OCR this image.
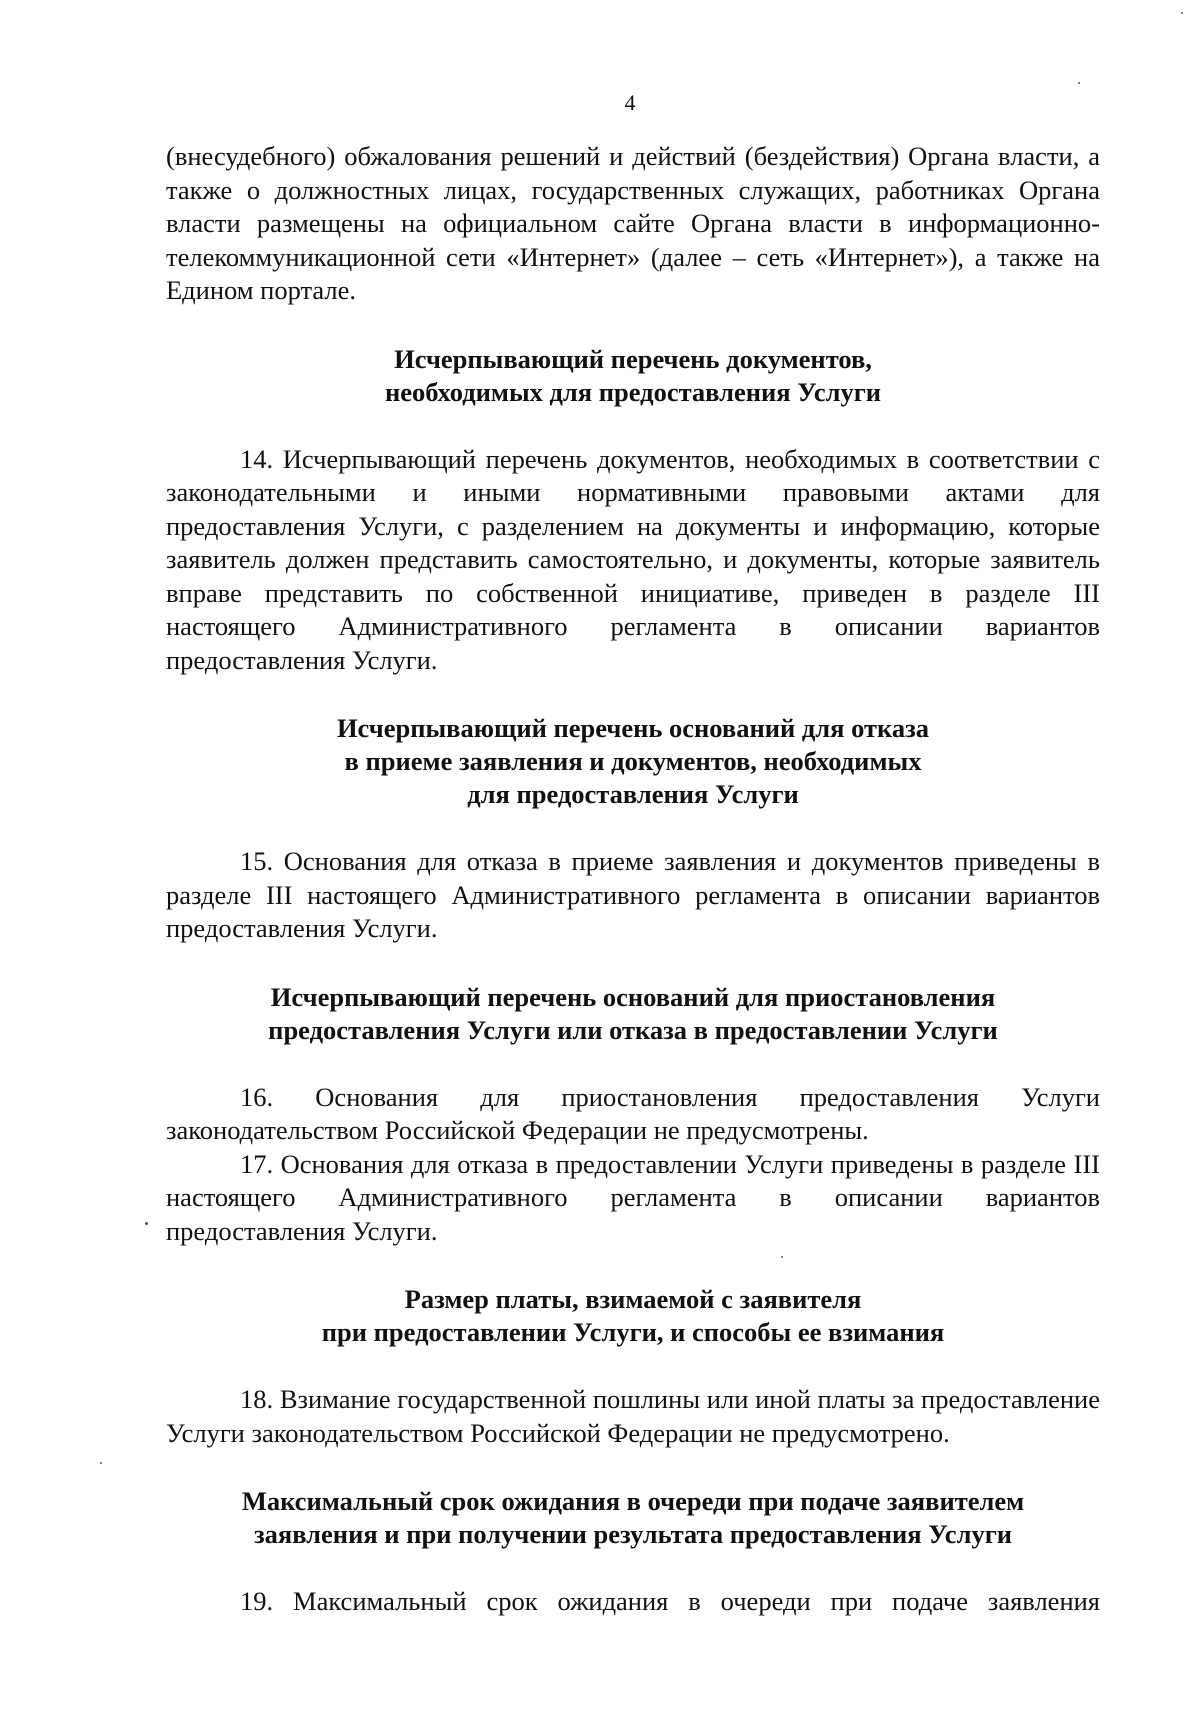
4

(внесудебного) обжалования решений и действий (бездействия) Органа власти, а также о должностных лицах, государственных служащих, работниках Органа власти размещены на официальном сайте Органа власти в информационно-телекоммуникационной сети «Интернет» (далее – сеть «Интернет»), а также на Едином портале.

Исчерпывающий перечень документов,
необходимых для предоставления Услуги

14. Исчерпывающий перечень документов, необходимых в соответствии с законодательными и иными нормативными правовыми актами для предоставления Услуги, с разделением на документы и информацию, которые заявитель должен представить самостоятельно, и документы, которые заявитель вправе представить по собственной инициативе, приведен в разделе III настоящего Административного регламента в описании вариантов предоставления Услуги.

Исчерпывающий перечень оснований для отказа
в приеме заявления и документов, необходимых
для предоставления Услуги

15. Основания для отказа в приеме заявления и документов приведены в разделе III настоящего Административного регламента в описании вариантов предоставления Услуги.

Исчерпывающий перечень оснований для приостановления
предоставления Услуги или отказа в предоставлении Услуги

16. Основания для приостановления предоставления Услуги законодательством Российской Федерации не предусмотрены.

17. Основания для отказа в предоставлении Услуги приведены в разделе III настоящего Административного регламента в описании вариантов предоставления Услуги.

Размер платы, взимаемой с заявителя
при предоставлении Услуги, и способы ее взимания

18. Взимание государственной пошлины или иной платы за предоставление Услуги законодательством Российской Федерации не предусмотрено.

Максимальный срок ожидания в очереди при подаче заявителем
заявления и при получении результата предоставления Услуги

19. Максимальный срок ожидания в очереди при подаче заявления
